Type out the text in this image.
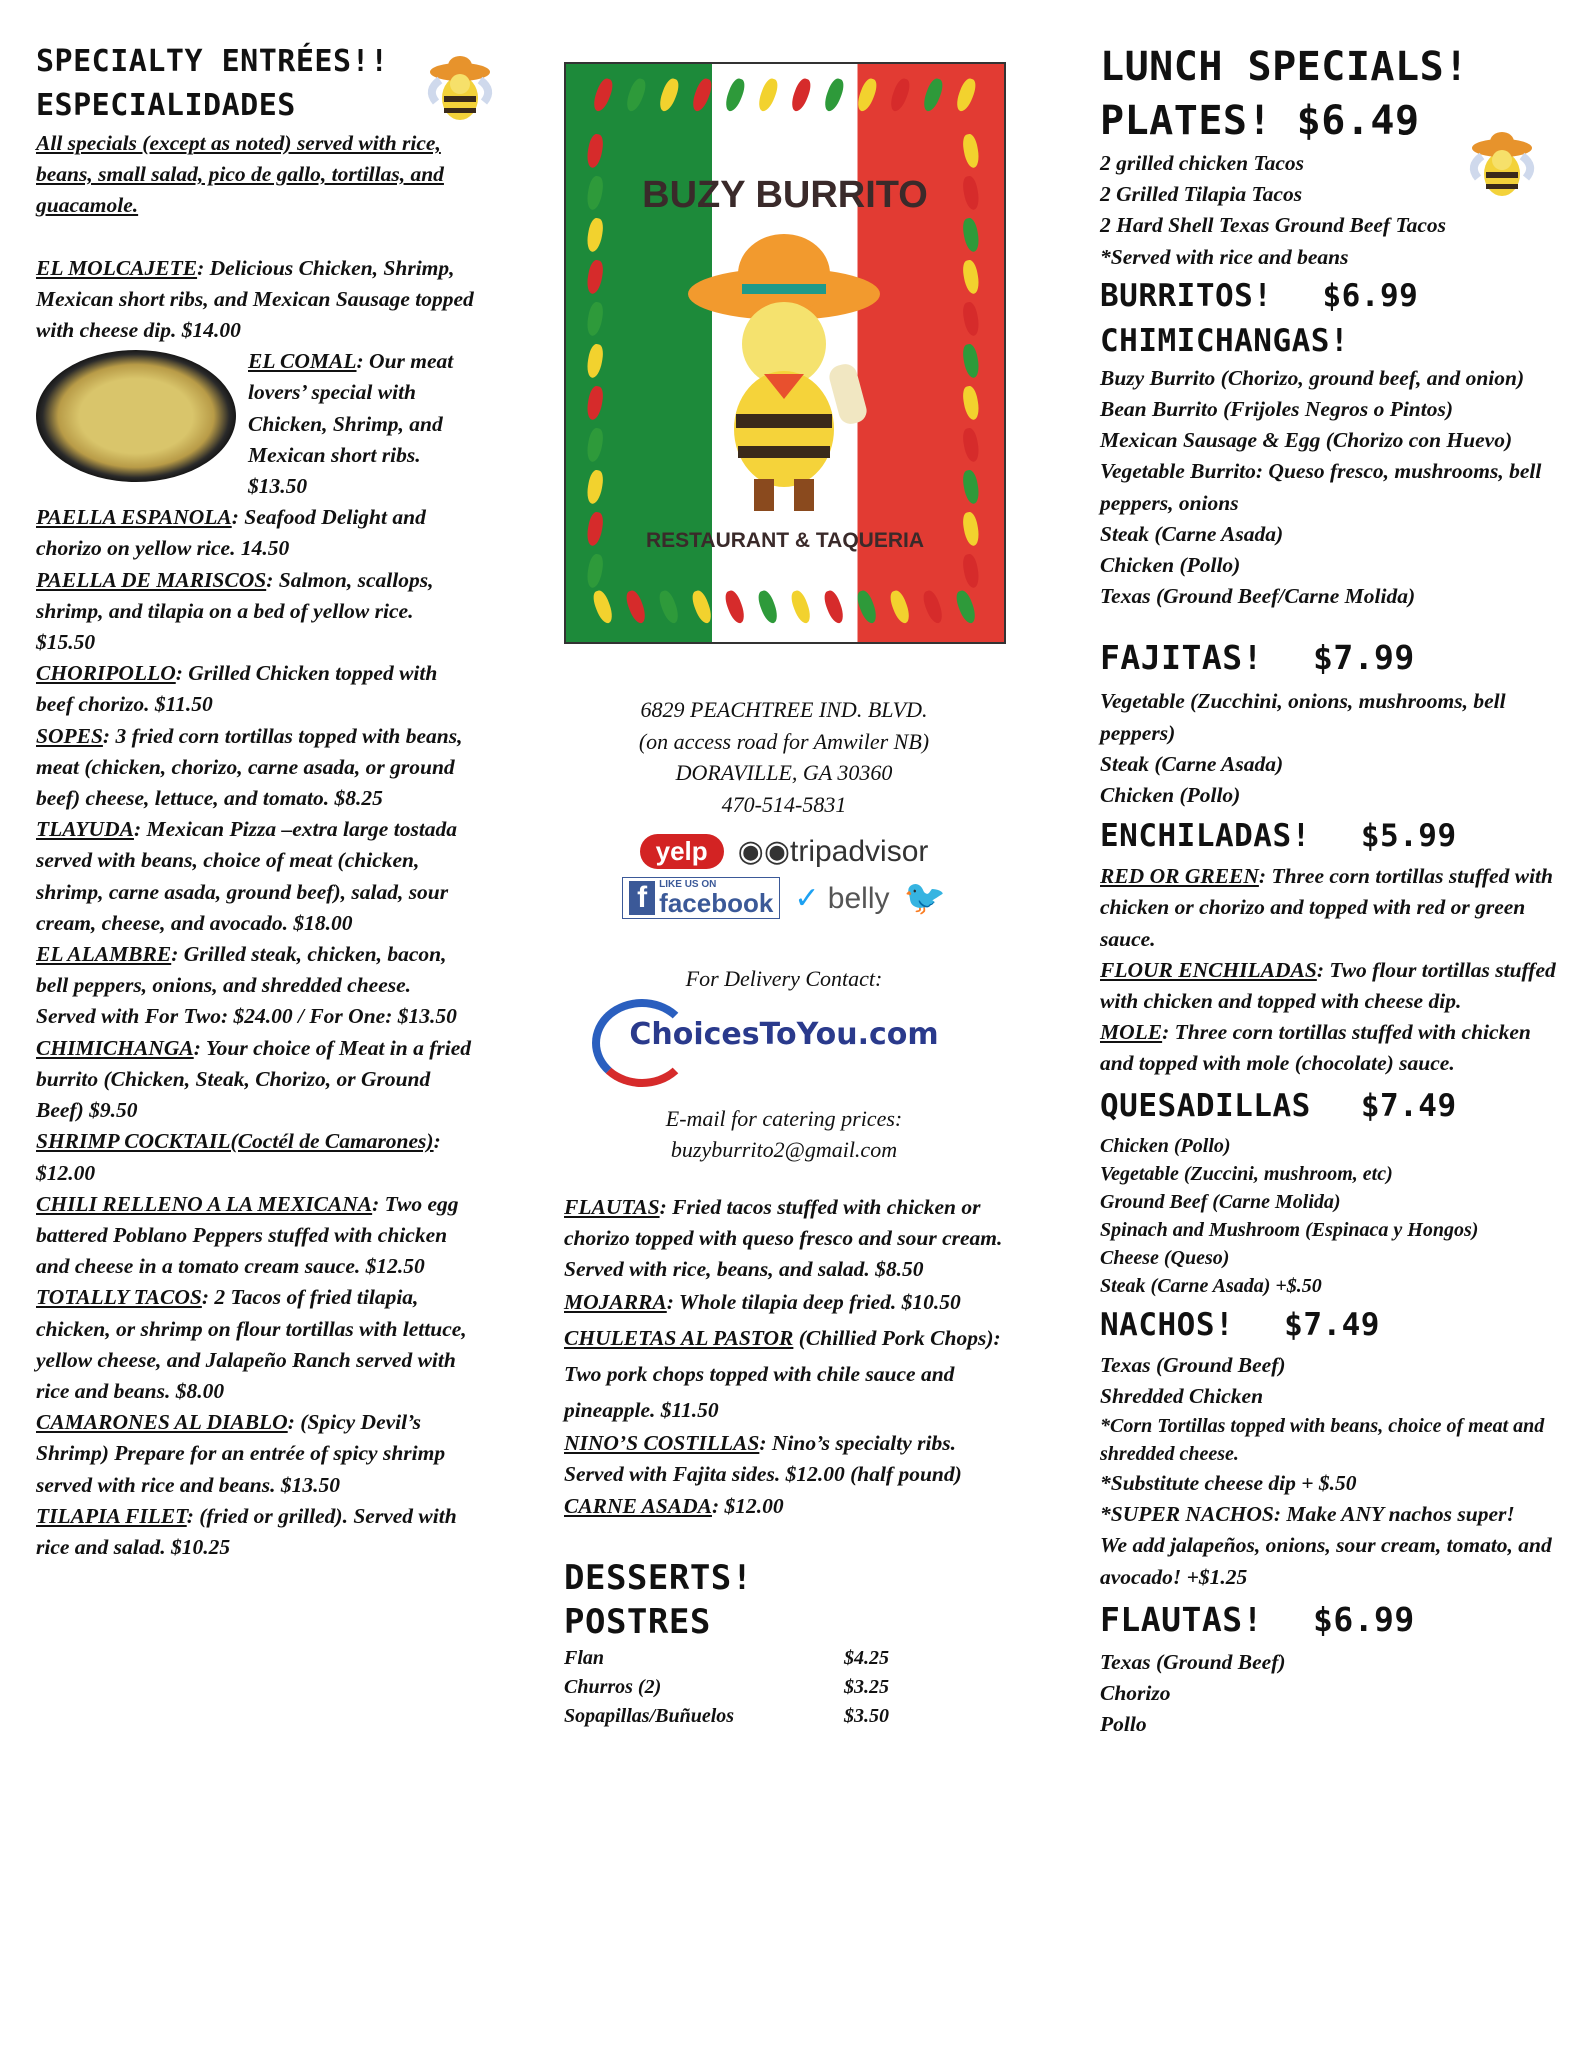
SPECIALTY ENTRÉES!!
ESPECIALIDADES
All specials (except as noted) served with rice, beans, small salad, pico de gallo, tortillas, and guacamole.
EL MOLCAJETE: Delicious Chicken, Shrimp, Mexican short ribs, and Mexican Sausage topped with cheese dip. $14.00
EL COMAL: Our meat lovers’ special with Chicken, Shrimp, and Mexican short ribs. $13.50
PAELLA ESPANOLA: Seafood Delight and chorizo on yellow rice. 14.50
PAELLA DE MARISCOS: Salmon, scallops, shrimp, and tilapia on a bed of yellow rice. $15.50
CHORIPOLLO: Grilled Chicken topped with beef chorizo. $11.50
SOPES: 3 fried corn tortillas topped with beans, meat (chicken, chorizo, carne asada, or ground beef) cheese, lettuce, and tomato. $8.25
TLAYUDA: Mexican Pizza –extra large tostada served with beans, choice of meat (chicken, shrimp, carne asada, ground beef), salad, sour cream, cheese, and avocado. $18.00
EL ALAMBRE: Grilled steak, chicken, bacon, bell peppers, onions, and shredded cheese. Served with For Two: $24.00 / For One: $13.50
CHIMICHANGA: Your choice of Meat in a fried burrito (Chicken, Steak, Chorizo, or Ground Beef) $9.50
SHRIMP COCKTAIL(Coctél de Camarones): $12.00
CHILI RELLENO A LA MEXICANA: Two egg battered Poblano Peppers stuffed with chicken and cheese in a tomato cream sauce. $12.50
TOTALLY TACOS: 2 Tacos of fried tilapia, chicken, or shrimp on flour tortillas with lettuce, yellow cheese, and Jalapeño Ranch served with rice and beans. $8.00
CAMARONES AL DIABLO: (Spicy Devil’s Shrimp) Prepare for an entrée of spicy shrimp served with rice and beans. $13.50
TILAPIA FILET: (fried or grilled). Served with rice and salad. $10.25
BUZY BURRITO
RESTAURANT & TAQUERIA
6829 PEACHTREE IND. BLVD.
(on access road for Amwiler NB)
DORAVILLE, GA 30360
470-514-5831
yelp	◉◉tripadvisor
f	LIKE US ON
facebook ✓ belly 🐦
For Delivery Contact:
ChoicesToYou.com
E-mail for catering prices:
buzyburrito2@gmail.com
FLAUTAS: Fried tacos stuffed with chicken or chorizo topped with queso fresco and sour cream. Served with rice, beans, and salad. $8.50
MOJARRA: Whole tilapia deep fried. $10.50
CHULETAS AL PASTOR (Chillied Pork Chops): Two pork chops topped with chile sauce and pineapple. $11.50
NINO’S COSTILLAS: Nino’s specialty ribs. Served with Fajita sides. $12.00 (half pound)
CARNE ASADA: $12.00
DESSERTS!
POSTRES
Flan	$4.25
Churros (2)	$3.25
Sopapillas/Buñuelos	$3.50
LUNCH SPECIALS!
PLATES! $6.49
2 grilled chicken Tacos
2 Grilled Tilapia Tacos
2 Hard Shell Texas Ground Beef Tacos
*Served with rice and beans
BURRITOS! $6.99
CHIMICHANGAS!
Buzy Burrito (Chorizo, ground beef, and onion)
Bean Burrito (Frijoles Negros o Pintos)
Mexican Sausage & Egg (Chorizo con Huevo)
Vegetable Burrito: Queso fresco, mushrooms, bell peppers, onions
Steak (Carne Asada)
Chicken (Pollo)
Texas (Ground Beef/Carne Molida)
FAJITAS! $7.99
Vegetable (Zucchini, onions, mushrooms, bell peppers)
Steak (Carne Asada)
Chicken (Pollo)
ENCHILADAS! $5.99
RED OR GREEN: Three corn tortillas stuffed with chicken or chorizo and topped with red or green sauce.
FLOUR ENCHILADAS: Two flour tortillas stuffed with chicken and topped with cheese dip.
MOLE: Three corn tortillas stuffed with chicken and topped with mole (chocolate) sauce.
QUESADILLAS $7.49
Chicken (Pollo)
Vegetable (Zuccini, mushroom, etc)
Ground Beef (Carne Molida)
Spinach and Mushroom (Espinaca y Hongos)
Cheese (Queso)
Steak (Carne Asada) +$.50
NACHOS! $7.49
Texas (Ground Beef)
Shredded Chicken
*Corn Tortillas topped with beans, choice of meat and shredded cheese.
*Substitute cheese dip + $.50
*SUPER NACHOS: Make ANY nachos super!
We add jalapeños, onions, sour cream, tomato, and avocado! +$1.25
FLAUTAS! $6.99
Texas (Ground Beef)
Chorizo
Pollo
